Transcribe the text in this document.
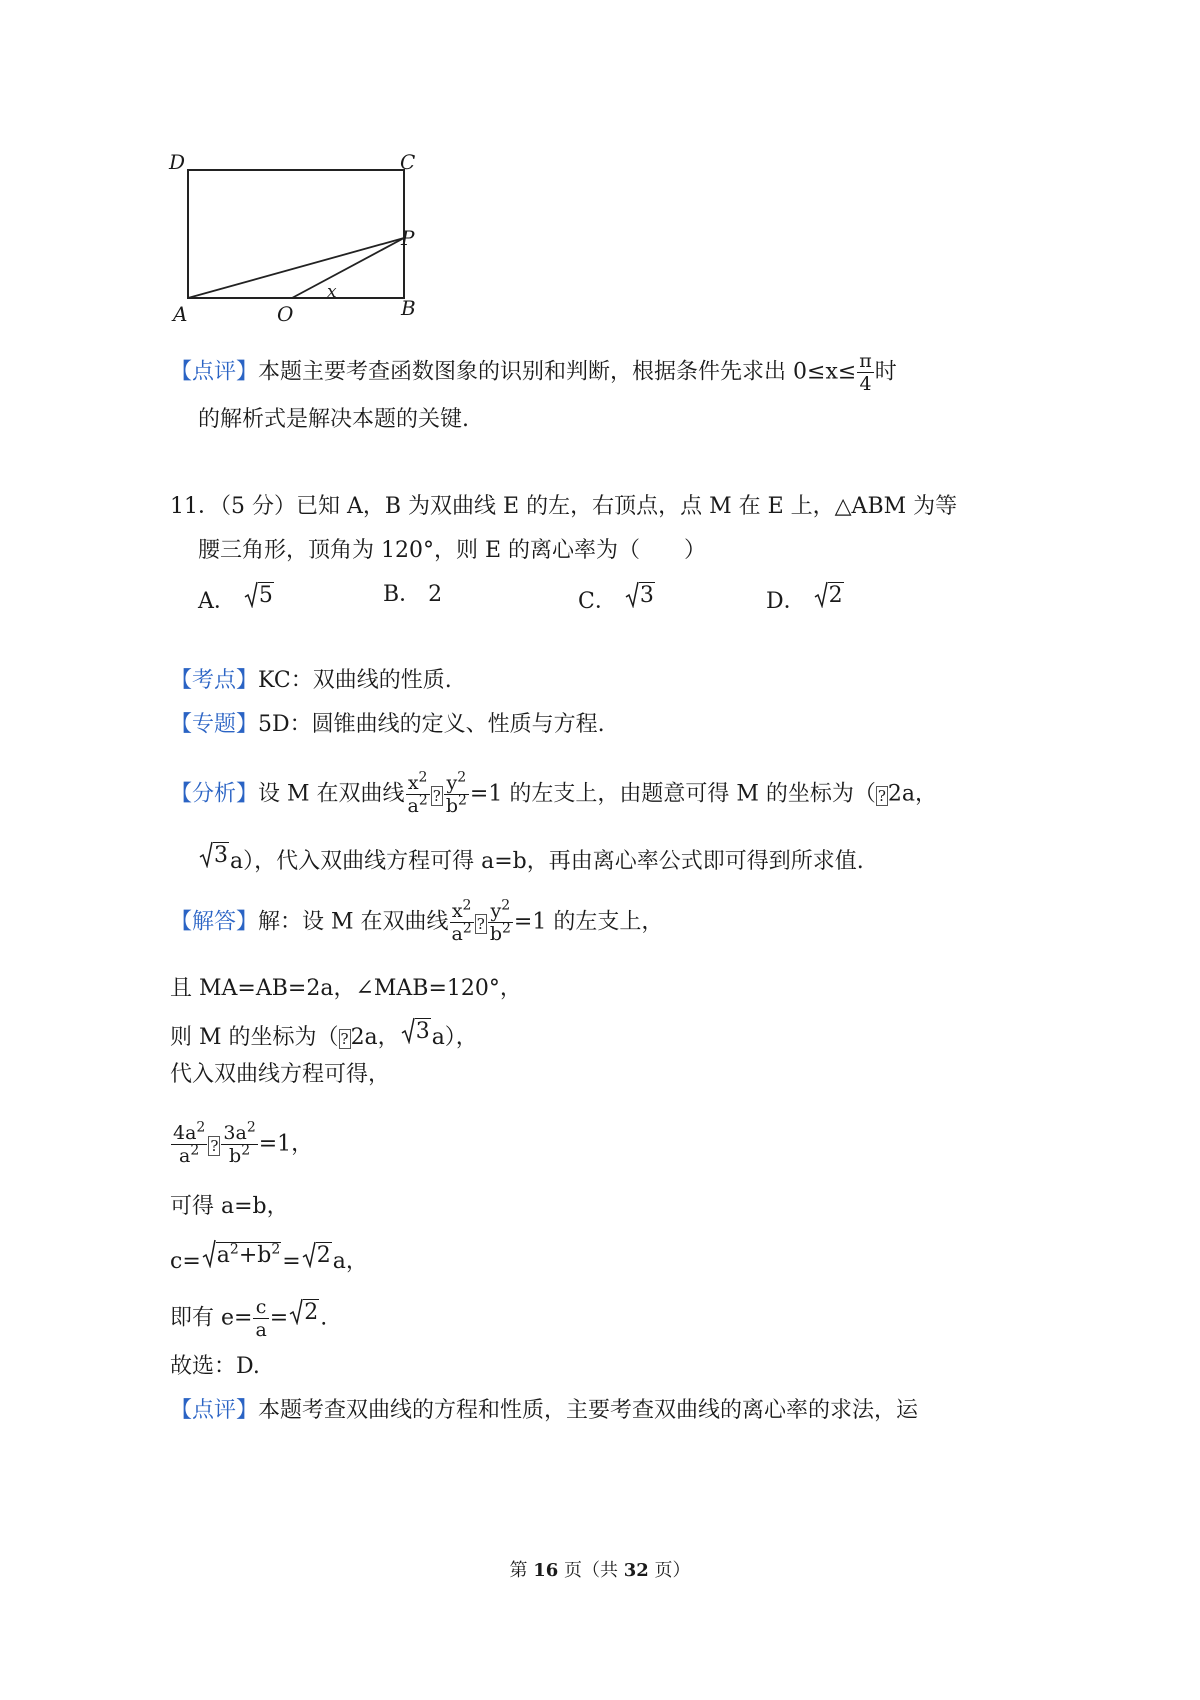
D	C
P
A	O	B
x
【点评】本题主要考查函数图象的识别和判断，根据条件先求出 $0\le x\le \frac{\pi}{4}$ 时
的解析式是解决本题的关键.
11．（5 分）已知 A，B 为双曲线 E 的左，右顶点，点 M 在 E 上，△ABM 为等
腰三角形，顶角为 120°，则 E 的离心率为（　　）
A． 5	B． 2	C． 3	D． 2
【考点】KC：双曲线的性质.
【专题】5D：圆锥曲线的定义、性质与方程.
【分析】设 M 在双曲线 $\frac{x^2}{a^2}$ ? $\frac{y^2}{b^2} =1$ 的左支上，由题意可得 M 的坐标为（ ?2a，
3 a），代入双曲线方程可得 a=b，再由离心率公式即可得到所求值.
【解答】解：设 M 在双曲线 $\frac{x^2}{a^2}$ ? $\frac{y^2}{b^2} =1$ 的左支上，
且 MA=AB=2a，∠MAB=120°，
则 M 的坐标为（ ?2a， 3 a），
代入双曲线方程可得，
$\frac{4a^2}{a^2}$ ? $\frac{3a^2}{b^2} =1$，
可得 a=b，
$c= a^2+b^2 = 2$ a，
即有 $e= \frac{c}{a} = 2$ .
故选：D.
【点评】本题考查双曲线的方程和性质，主要考查双曲线的离心率的求法，运
第 16 页（共 32 页）
